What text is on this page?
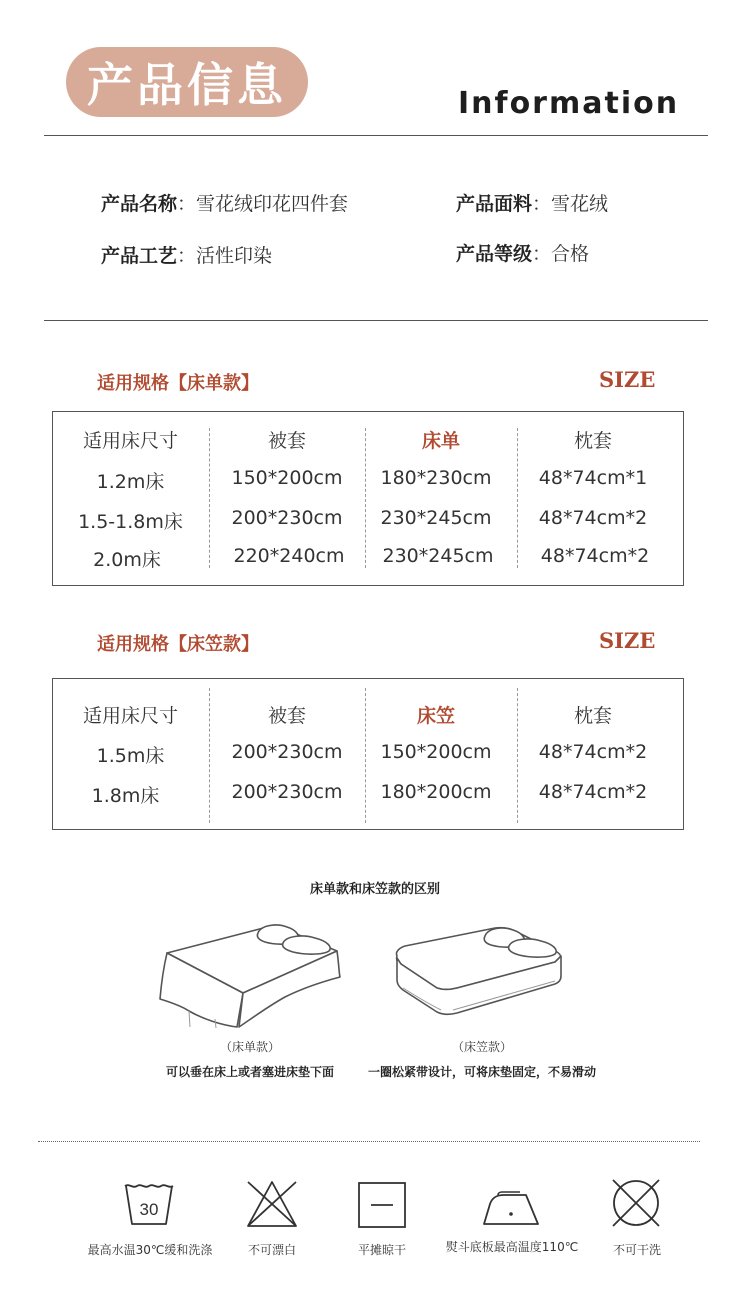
产品信息	Information
产品名称：雪花绒印花四件套	产品面料：雪花绒
产品工艺：活性印染	产品等级：合格
适用规格【床单款】	SIZE
适用床尺寸	被套	床单	枕套
1.2m床	150*200cm	180*230cm	48*74cm*1
1.5-1.8m床	200*230cm	230*245cm	48*74cm*2
2.0m床	220*240cm	230*245cm	48*74cm*2
适用规格【床笠款】	SIZE
适用床尺寸	被套	床笠	枕套
1.5m床	200*230cm	150*200cm	48*74cm*2
1.8m床	200*230cm	180*200cm	48*74cm*2
床单款和床笠款的区别
（床单款）
可以垂在床上或者塞进床垫下面
（床笠款）
一圈松紧带设计，可将床垫固定，不易滑动
30
最高水温30℃缓和洗涤	不可漂白	平摊晾干	熨斗底板最高温度110℃	不可干洗
